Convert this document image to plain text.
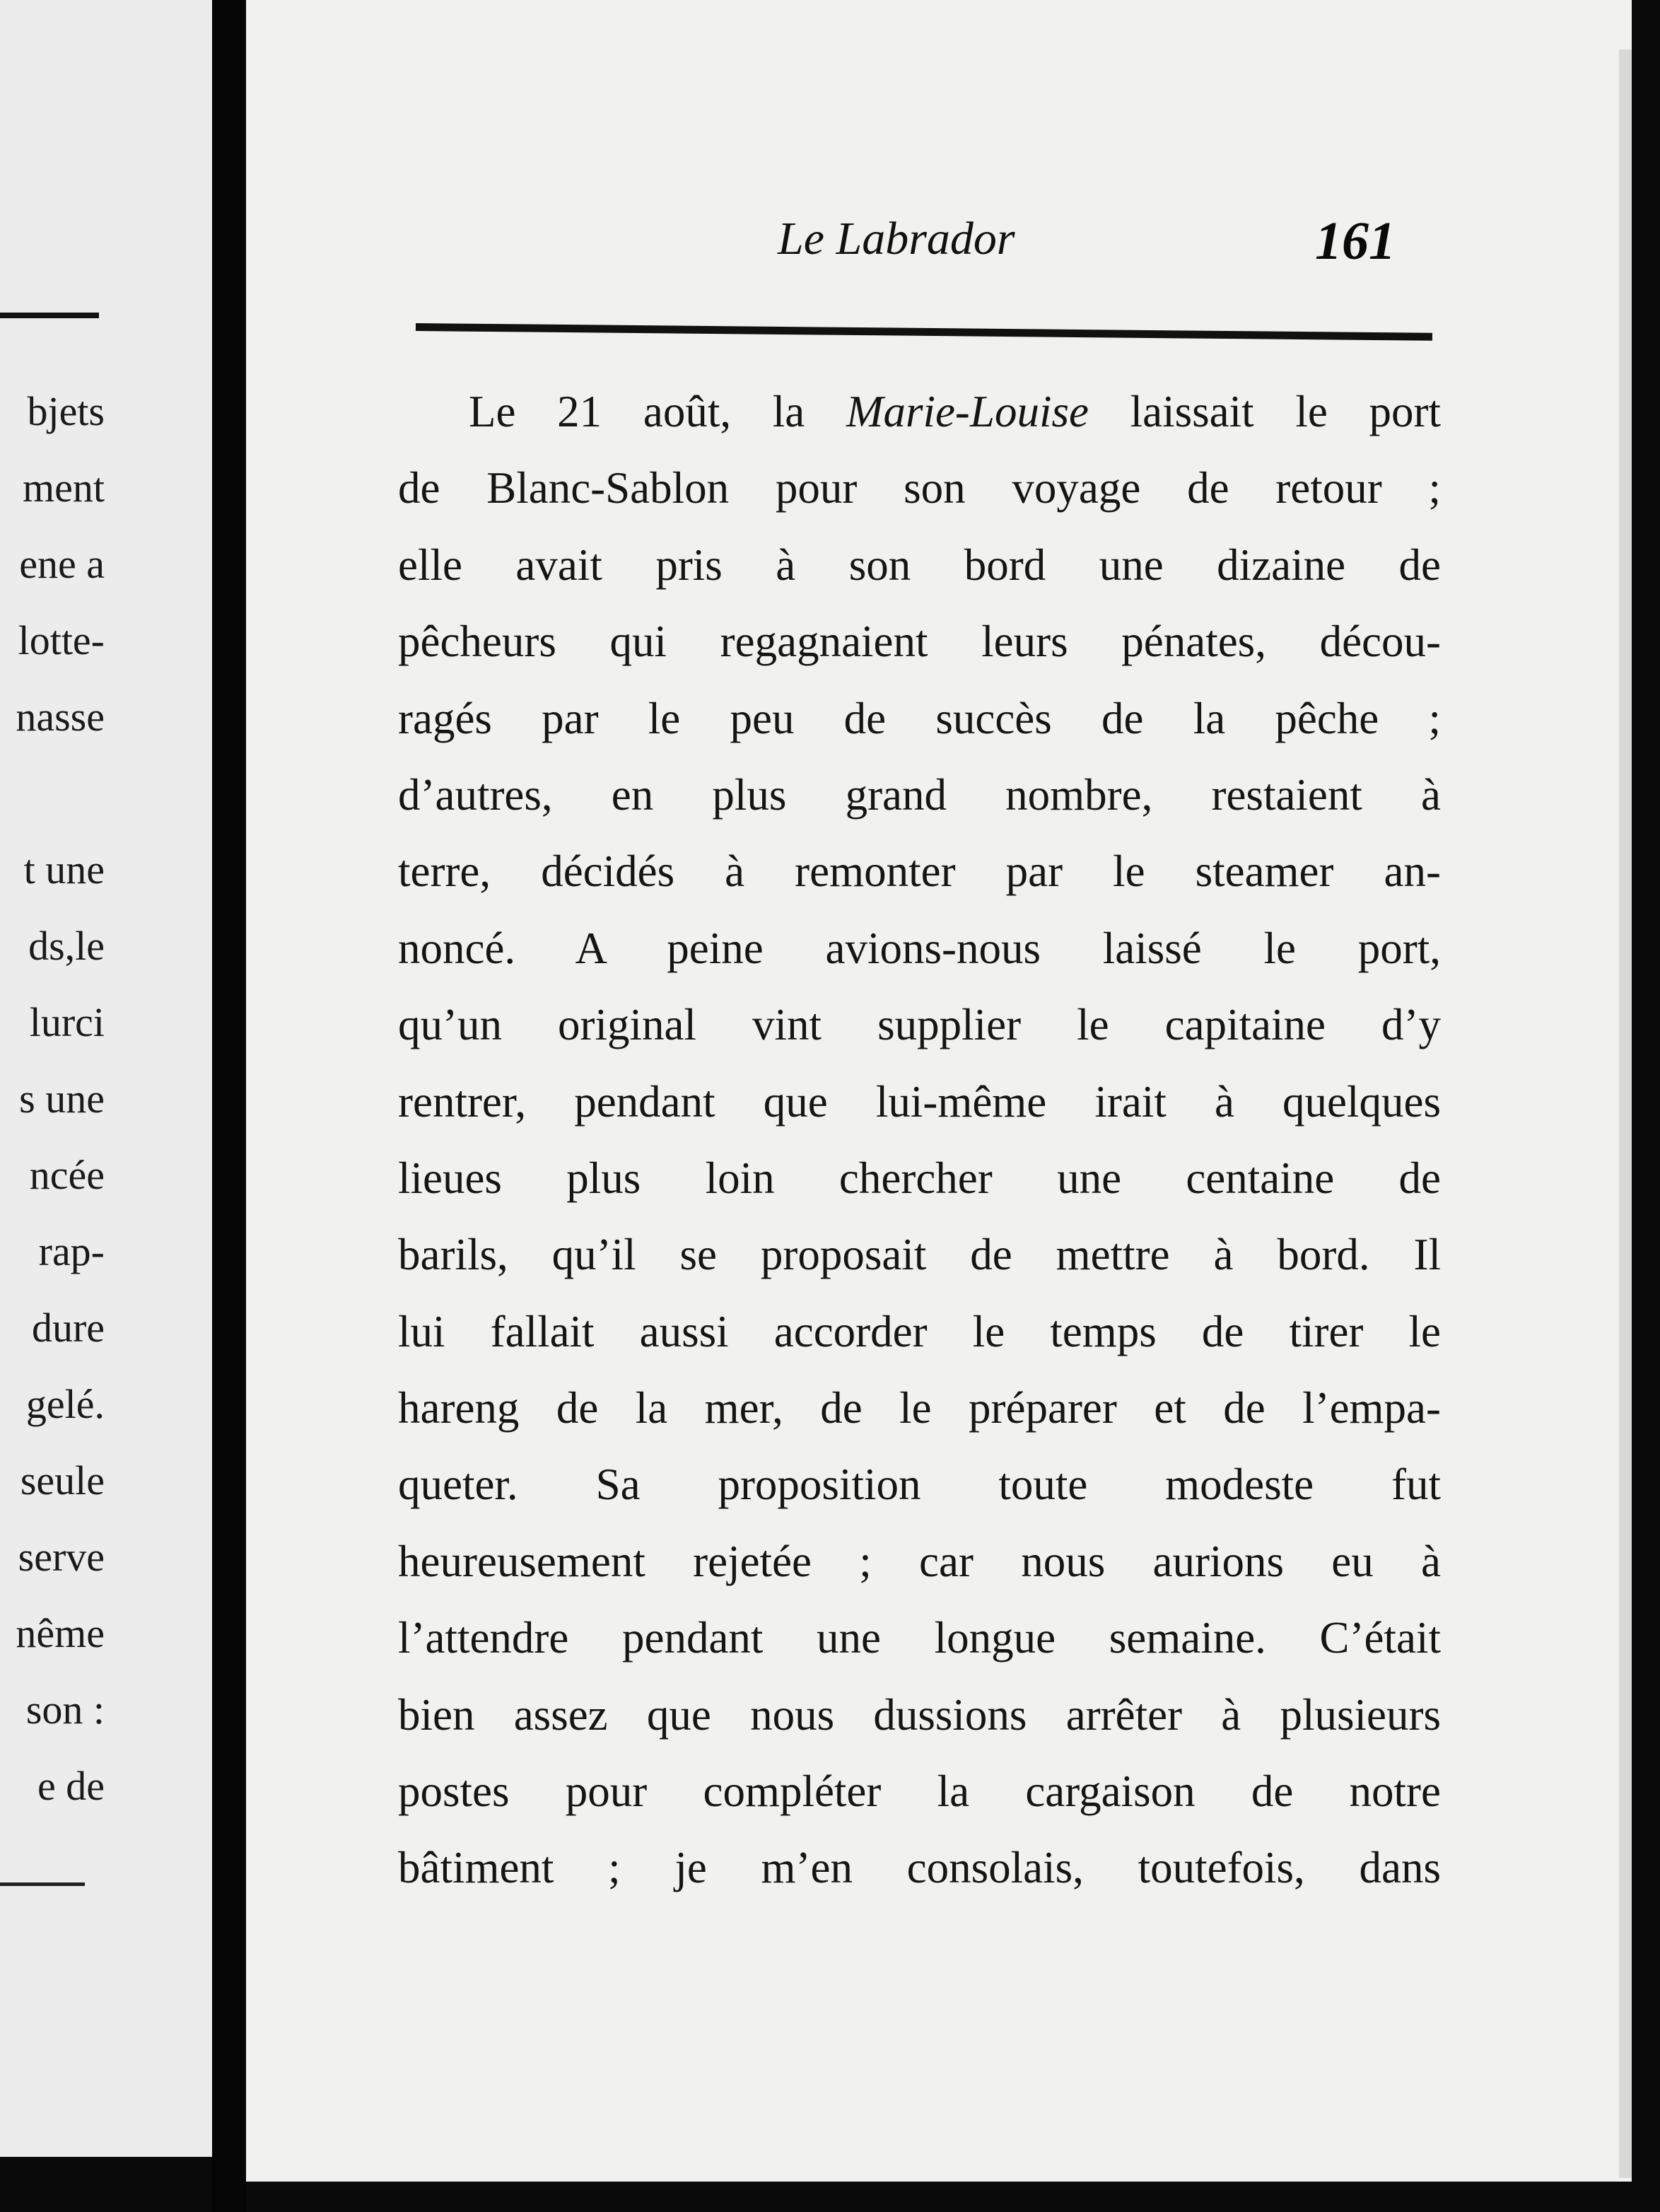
bjets
ment
ene a
lotte-
nasse
t une
ds,le
lurci
s une
ncée
rap-
dure
gelé.
seule
serve
nême
son :
e de
Le Labrador	161
Le 21 août, la Marie-Louise laissait le port
de Blanc-Sablon pour son voyage de retour ;
elle avait pris à son bord une dizaine de
pêcheurs qui regagnaient leurs pénates, décou-
ragés par le peu de succès de la pêche ;
d’autres, en plus grand nombre, restaient à
terre, décidés à remonter par le steamer an-
noncé. A peine avions-nous laissé le port,
qu’un original vint supplier le capitaine d’y
rentrer, pendant que lui-même irait à quelques
lieues plus loin chercher une centaine de
barils, qu’il se proposait de mettre à bord. Il
lui fallait aussi accorder le temps de tirer le
hareng de la mer, de le préparer et de l’empa-
queter. Sa proposition toute modeste fut
heureusement rejetée ; car nous aurions eu à
l’attendre pendant une longue semaine. C’était
bien assez que nous dussions arrêter à plusieurs
postes pour compléter la cargaison de notre
bâtiment ; je m’en consolais, toutefois, dans
